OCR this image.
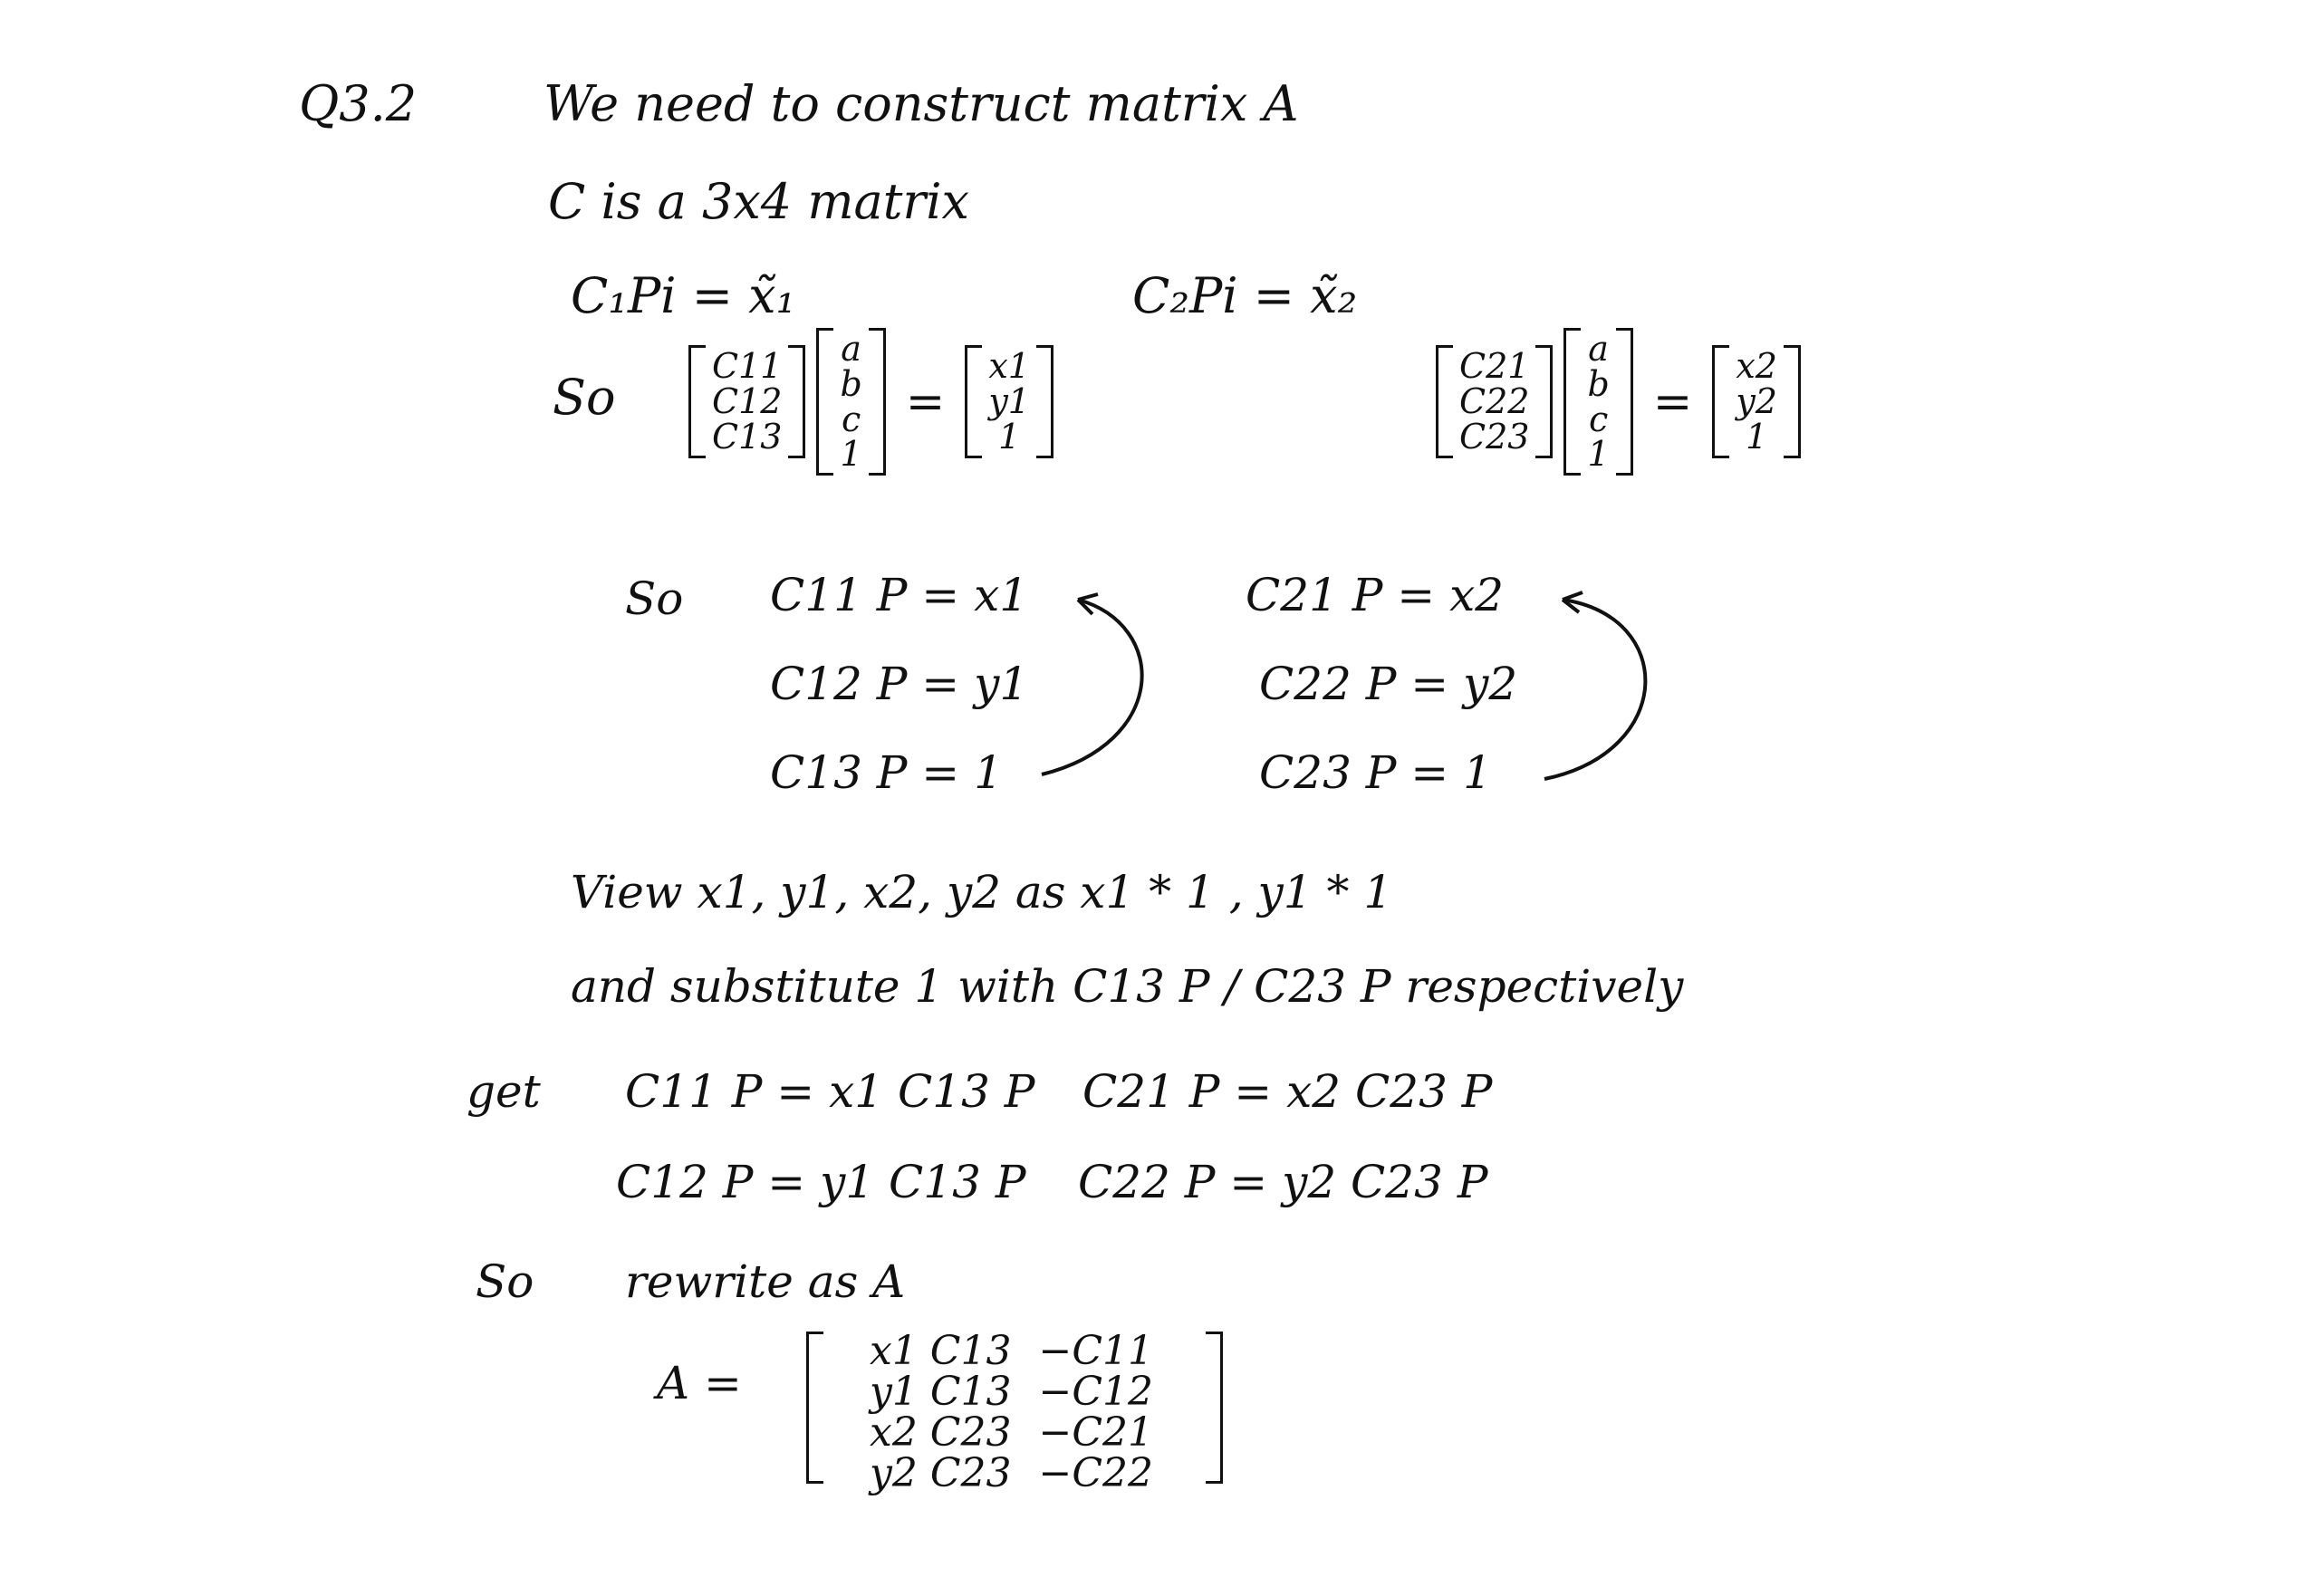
Q3.2	We need to construct matrix A
C is a 3x4 matrix
C₁Pi = x̃₁	C₂Pi = x̃₂
So
C11
C12
C13
a
b
c
1
=
x1
y1
1
C21
C22
C23
a
b
c
1
=
x2
y2
1
So C11 P = x1
C12 P = y1
C13 P = 1
C21 P = x2
C22 P = y2
C23 P = 1
View x1, y1, x2, y2 as x1 * 1 , y1 * 1
and substitute 1 with C13 P / C23 P respectively
get C11 P = x1 C13 P
C12 P = y1 C13 P
C21 P = x2 C23 P
C22 P = y2 C23 P
So rewrite as A
A =
x1 C13 −C11
y1 C13 −C12
x2 C23 −C21
y2 C23 −C22
